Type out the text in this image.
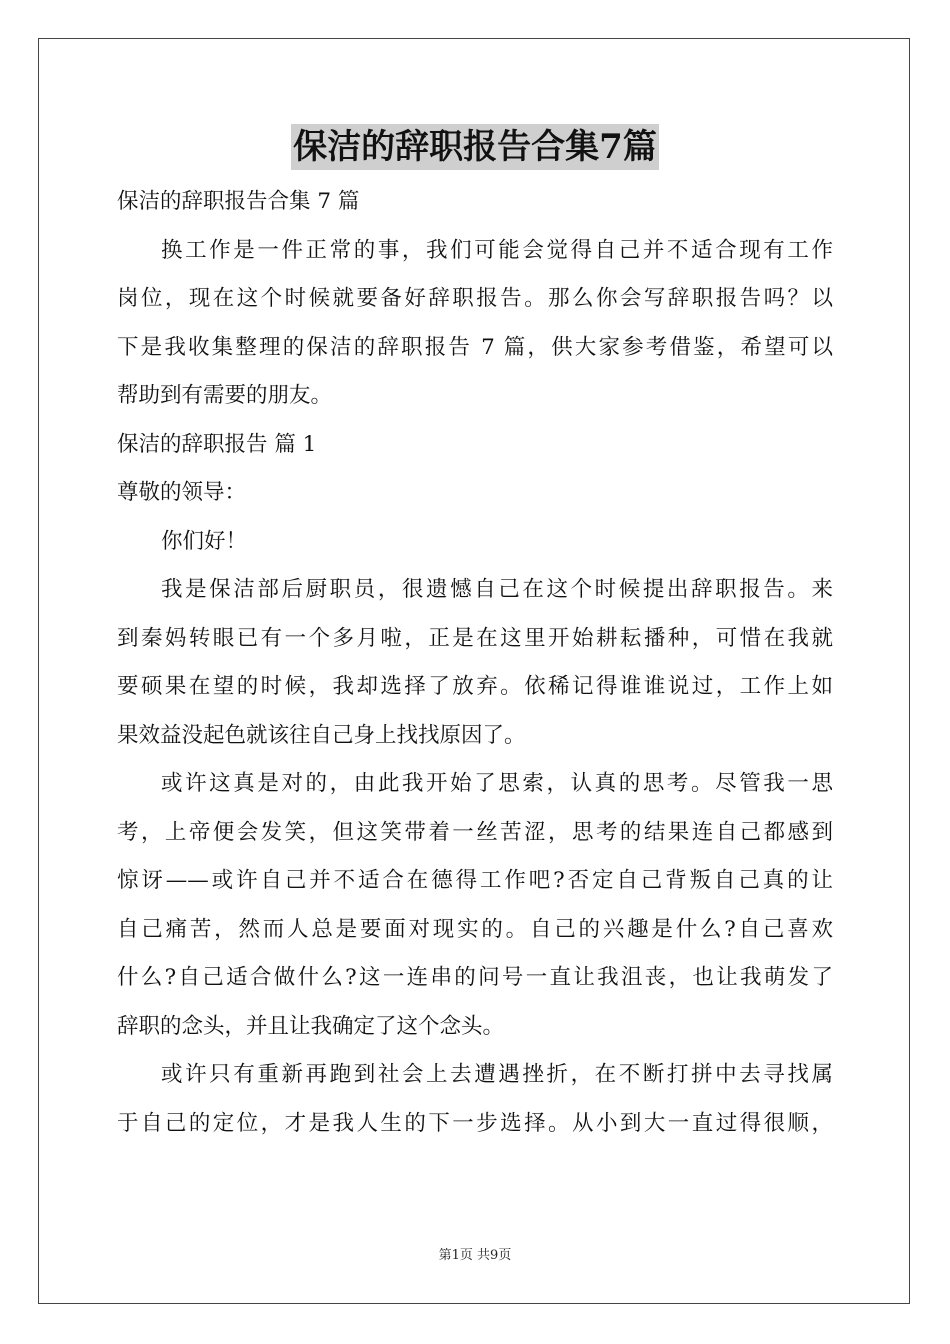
保洁的辞职报告合集7篇

保洁的辞职报告合集 7 篇

换工作是一件正常的事，我们可能会觉得自己并不适合现有工作

岗位，现在这个时候就要备好辞职报告。那么你会写辞职报告吗？以

下是我收集整理的保洁的辞职报告 7 篇，供大家参考借鉴，希望可以

帮助到有需要的朋友。

保洁的辞职报告 篇 1

尊敬的领导：

你们好！

我是保洁部后厨职员，很遗憾自己在这个时候提出辞职报告。来

到秦妈转眼已有一个多月啦，正是在这里开始耕耘播种，可惜在我就

要硕果在望的时候，我却选择了放弃。依稀记得谁谁说过，工作上如

果效益没起色就该往自己身上找找原因了。

或许这真是对的，由此我开始了思索，认真的思考。尽管我一思

考，上帝便会发笑，但这笑带着一丝苦涩，思考的结果连自己都感到

惊讶——或许自己并不适合在德得工作吧?否定自己背叛自己真的让

自己痛苦，然而人总是要面对现实的。自己的兴趣是什么?自己喜欢

什么?自己适合做什么?这一连串的问号一直让我沮丧，也让我萌发了

辞职的念头，并且让我确定了这个念头。

或许只有重新再跑到社会上去遭遇挫折，在不断打拼中去寻找属

于自己的定位，才是我人生的下一步选择。从小到大一直过得很顺，

第1页 共9页
